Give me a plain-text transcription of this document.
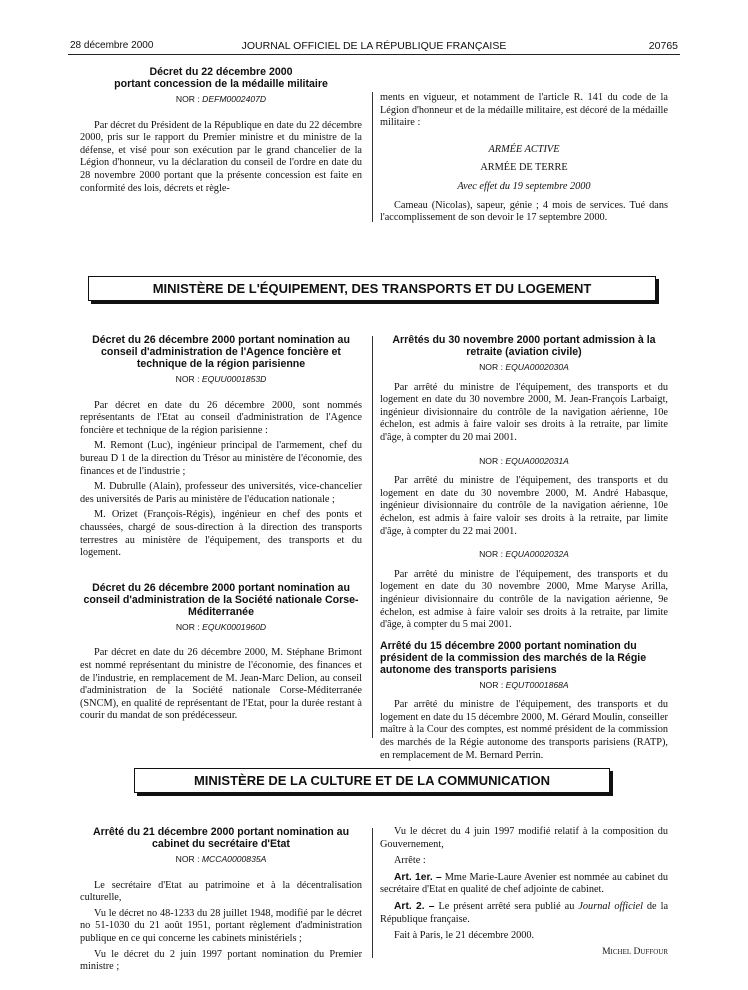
28 décembre 2000	JOURNAL OFFICIEL DE LA RÉPUBLIQUE FRANÇAISE	20765
Décret du 22 décembre 2000
portant concession de la médaille militaire
NOR : DEFM0002407D

Par décret du Président de la République en date du 22 décembre 2000, pris sur le rapport du Premier ministre et du ministre de la défense, et visé pour son exécution par le grand chancelier de la Légion d'honneur, vu la déclaration du conseil de l'ordre en date du 28 novembre 2000 portant que la présente concession est faite en conformité des lois, décrets et règle-

ments en vigueur, et notamment de l'article R. 141 du code de la Légion d'honneur et de la médaille militaire, est décoré de la médaille militaire :

ARMÉE ACTIVE
ARMÉE DE TERRE
Avec effet du 19 septembre 2000

Cameau (Nicolas), sapeur, génie ; 4 mois de services. Tué dans l'accomplissement de son devoir le 17 septembre 2000.

MINISTÈRE DE L'ÉQUIPEMENT, DES TRANSPORTS ET DU LOGEMENT
Décret du 26 décembre 2000 portant nomination au conseil d'administration de l'Agence foncière et technique de la région parisienne
NOR : EQUU0001853D

Par décret en date du 26 décembre 2000, sont nommés représentants de l'Etat au conseil d'administration de l'Agence foncière et technique de la région parisienne :

M. Remont (Luc), ingénieur principal de l'armement, chef du bureau D 1 de la direction du Trésor au ministère de l'économie, des finances et de l'industrie ;

M. Dubrulle (Alain), professeur des universités, vice-chancelier des universités de Paris au ministère de l'éducation nationale ;

M. Orizet (François-Régis), ingénieur en chef des ponts et chaussées, chargé de sous-direction à la direction des transports terrestres au ministère de l'équipement, des transports et du logement.

Décret du 26 décembre 2000 portant nomination au conseil d'administration de la Société nationale Corse-Méditerranée
NOR : EQUK0001960D

Par décret en date du 26 décembre 2000, M. Stéphane Brimont est nommé représentant du ministre de l'économie, des finances et de l'industrie, en remplacement de M. Jean-Marc Delion, au conseil d'administration de la Société nationale Corse-Méditerranée (SNCM), en qualité de représentant de l'Etat, pour la durée restant à courir du mandat de son prédécesseur.

Arrêtés du 30 novembre 2000 portant admission à la retraite (aviation civile)
NOR : EQUA0002030A

Par arrêté du ministre de l'équipement, des transports et du logement en date du 30 novembre 2000, M. Jean-François Larbaigt, ingénieur divisionnaire du contrôle de la navigation aérienne, 10e échelon, est admis à faire valoir ses droits à la retraite, par limite d'âge, à compter du 20 mai 2001.

NOR : EQUA0002031A

Par arrêté du ministre de l'équipement, des transports et du logement en date du 30 novembre 2000, M. André Habasque, ingénieur divisionnaire du contrôle de la navigation aérienne, 10e échelon, est admis à faire valoir ses droits à la retraite, par limite d'âge, à compter du 22 mai 2001.

NOR : EQUA0002032A

Par arrêté du ministre de l'équipement, des transports et du logement en date du 30 novembre 2000, Mme Maryse Arilla, ingénieur divisionnaire du contrôle de la navigation aérienne, 9e échelon, est admise à faire valoir ses droits à la retraite, par limite d'âge, à compter du 5 mai 2001.

Arrêté du 15 décembre 2000 portant nomination du président de la commission des marchés de la Régie autonome des transports parisiens
NOR : EQUT0001868A

Par arrêté du ministre de l'équipement, des transports et du logement en date du 15 décembre 2000, M. Gérard Moulin, conseiller maître à la Cour des comptes, est nommé président de la commission des marchés de la Régie autonome des transports parisiens (RATP), en remplacement de M. Bernard Perrin.

MINISTÈRE DE LA CULTURE ET DE LA COMMUNICATION
Arrêté du 21 décembre 2000 portant nomination au cabinet du secrétaire d'Etat
NOR : MCCA0000835A

Le secrétaire d'Etat au patrimoine et à la décentralisation culturelle,

Vu le décret no 48-1233 du 28 juillet 1948, modifié par le décret no 51-1030 du 21 août 1951, portant règlement d'administration publique en ce qui concerne les cabinets ministériels ;

Vu le décret du 2 juin 1997 portant nomination du Premier ministre ;

Vu le décret du 4 juin 1997 modifié relatif à la composition du Gouvernement,

Arrête :

Art. 1er. – Mme Marie-Laure Avenier est nommée au cabinet du secrétaire d'Etat en qualité de chef adjointe de cabinet.

Art. 2. – Le présent arrêté sera publié au Journal officiel de la République française.

Fait à Paris, le 21 décembre 2000.

Michel Duffour
